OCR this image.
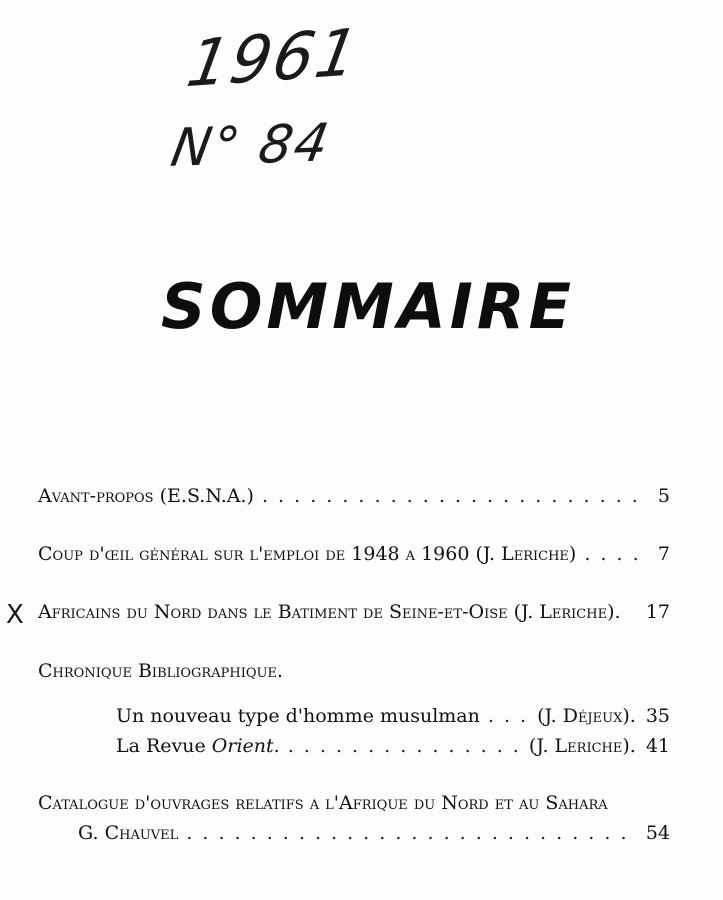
1961
N° 84
X
SOMMAIRE
Avant-propos (E.S.N.A.) . . .	5
Coup d'œil général sur l'emploi de 1948 a 1960 (J. Leriche) . . .	7
Africains du Nord dans le Batiment de Seine-et-Oise (J. Leriche). 17
Chronique Bibliographique.
Un nouveau type d'homme musulman . . .	(J. Déjeux). 35
La Revue Orient. . . .	(J. Leriche). 41
Catalogue d'ouvrages relatifs a l'Afrique du Nord et au Sahara
G. Chauvel . . .	54
